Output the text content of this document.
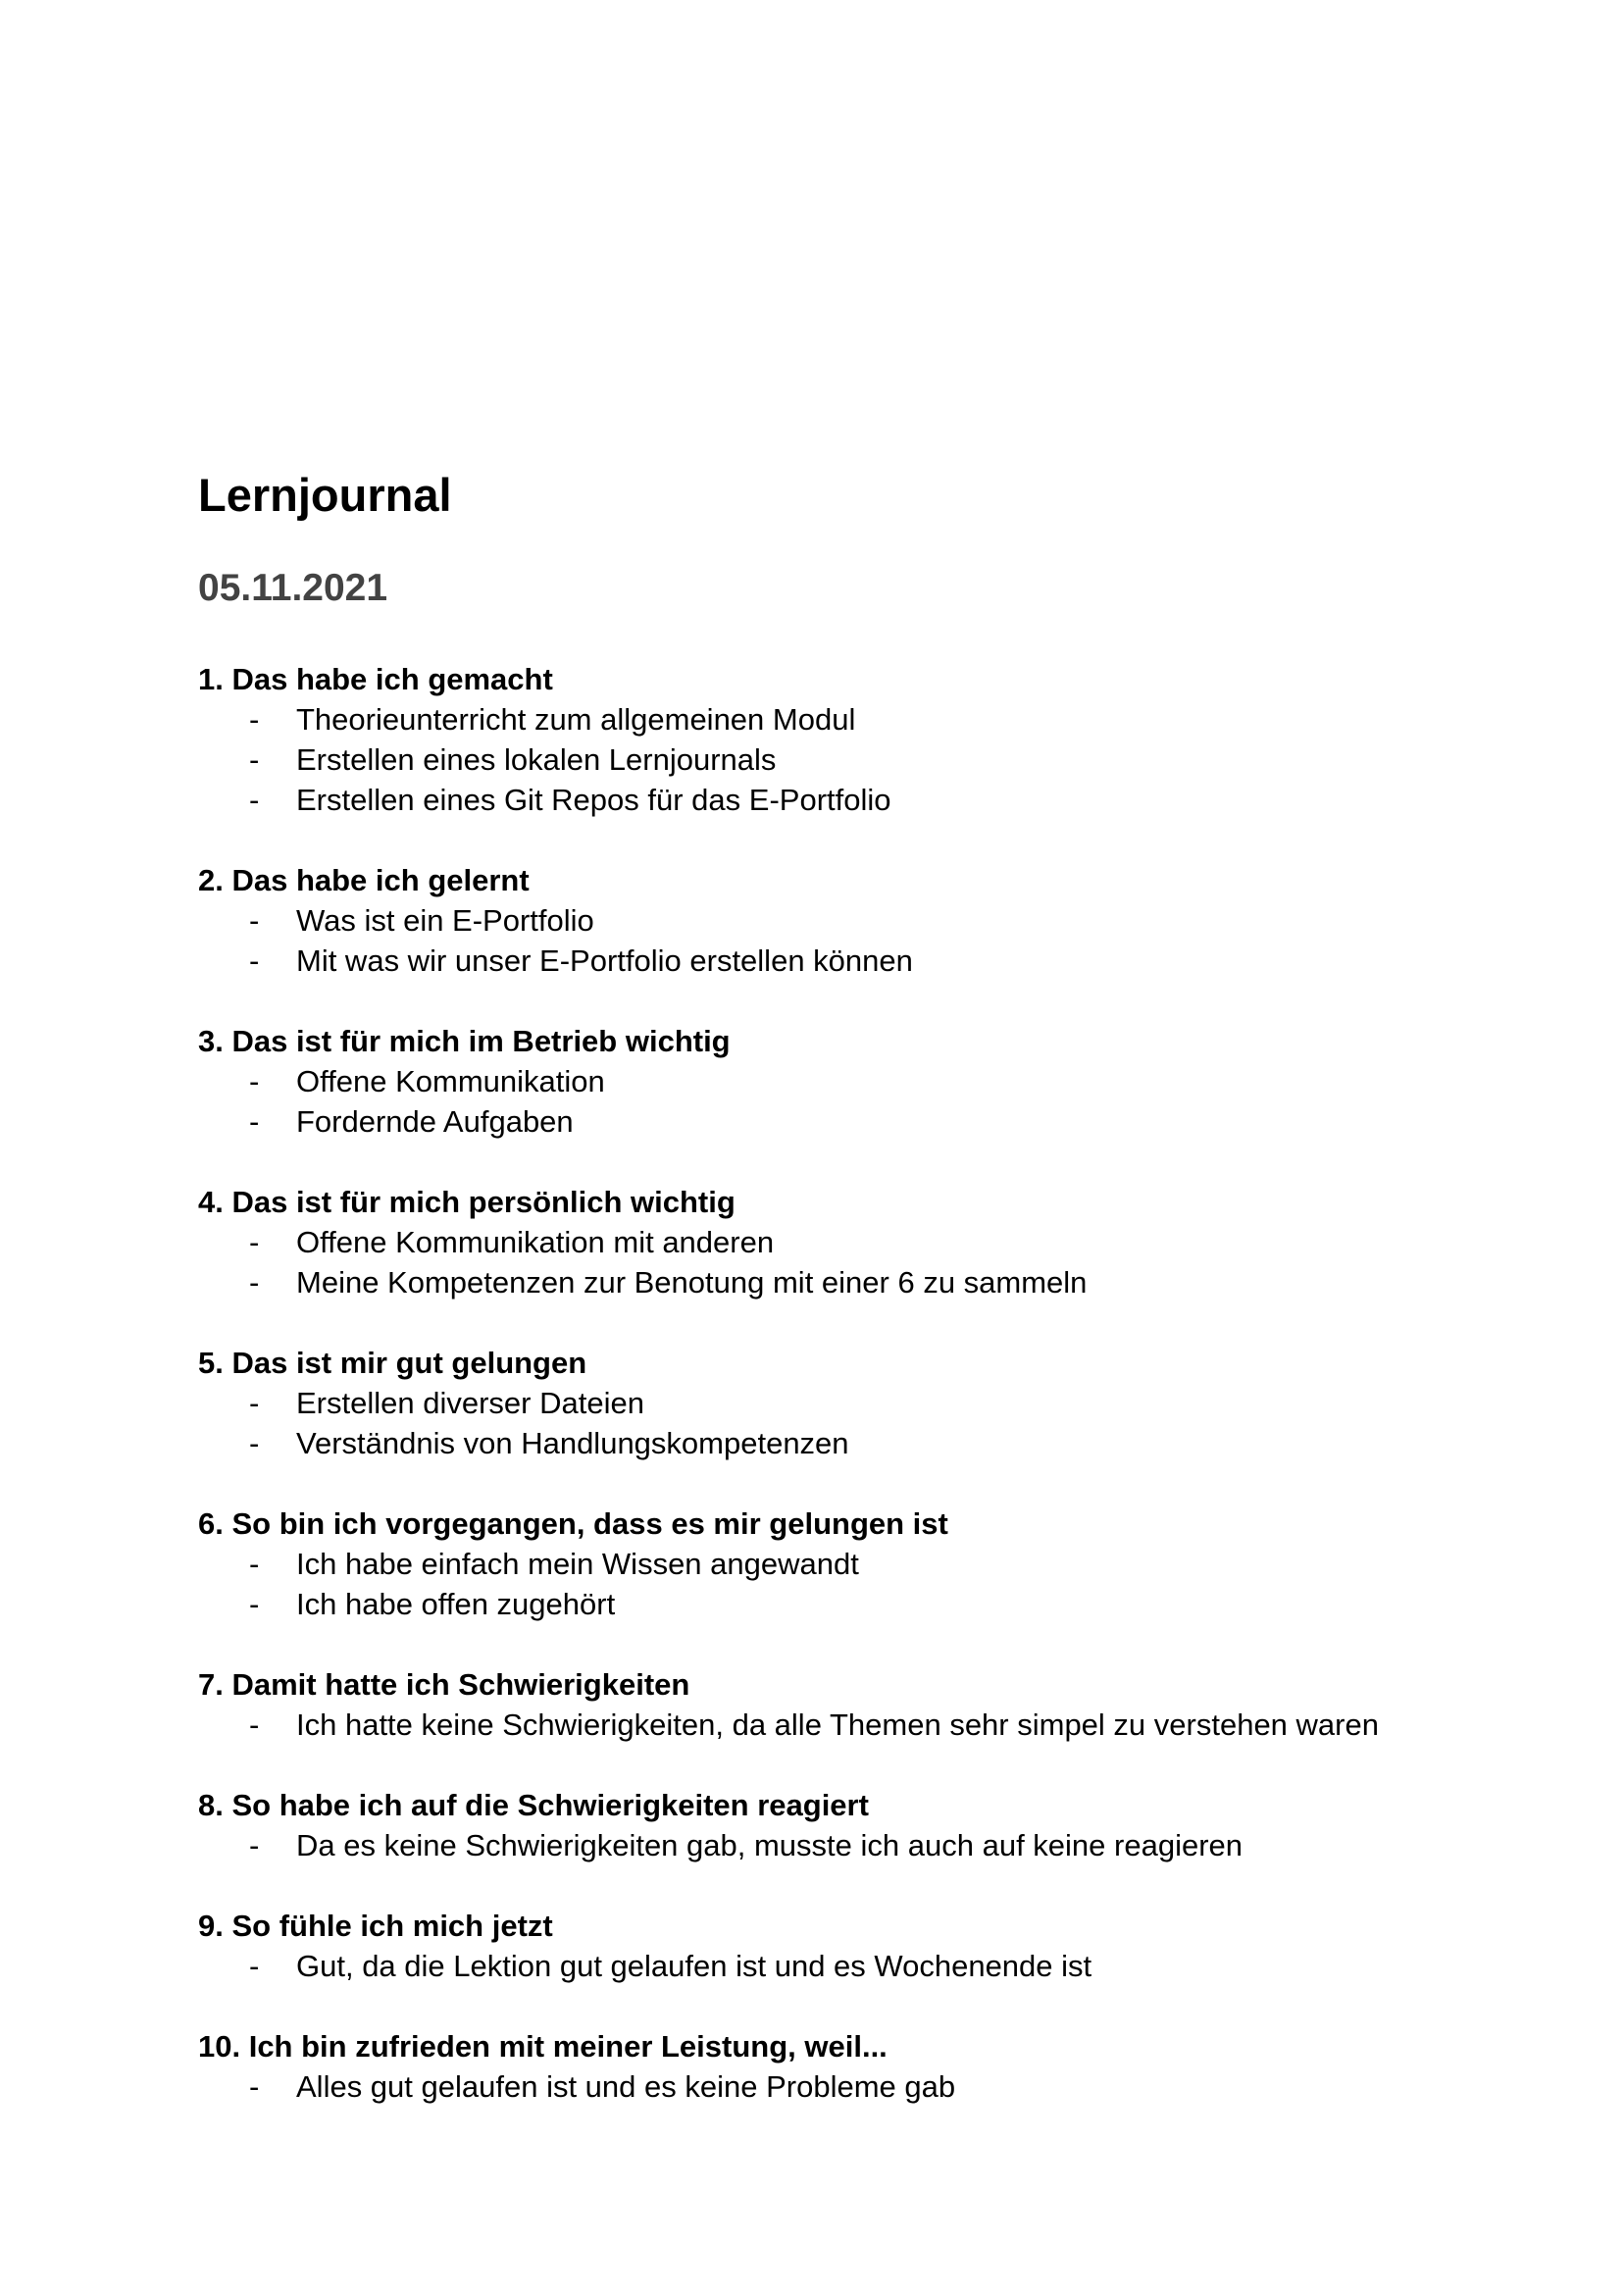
Lernjournal
05.11.2021
1. Das habe ich gemacht
- Theorieunterricht zum allgemeinen Modul
- Erstellen eines lokalen Lernjournals
- Erstellen eines Git Repos für das E-Portfolio
2. Das habe ich gelernt
- Was ist ein E-Portfolio
- Mit was wir unser E-Portfolio erstellen können
3. Das ist für mich im Betrieb wichtig
- Offene Kommunikation
- Fordernde Aufgaben
4. Das ist für mich persönlich wichtig
- Offene Kommunikation mit anderen
- Meine Kompetenzen zur Benotung mit einer 6 zu sammeln
5. Das ist mir gut gelungen
- Erstellen diverser Dateien
- Verständnis von Handlungskompetenzen
6. So bin ich vorgegangen, dass es mir gelungen ist
- Ich habe einfach mein Wissen angewandt
- Ich habe offen zugehört
7. Damit hatte ich Schwierigkeiten
- Ich hatte keine Schwierigkeiten, da alle Themen sehr simpel zu verstehen waren
8. So habe ich auf die Schwierigkeiten reagiert
- Da es keine Schwierigkeiten gab, musste ich auch auf keine reagieren
9. So fühle ich mich jetzt
- Gut, da die Lektion gut gelaufen ist und es Wochenende ist
10. Ich bin zufrieden mit meiner Leistung, weil...
- Alles gut gelaufen ist und es keine Probleme gab
